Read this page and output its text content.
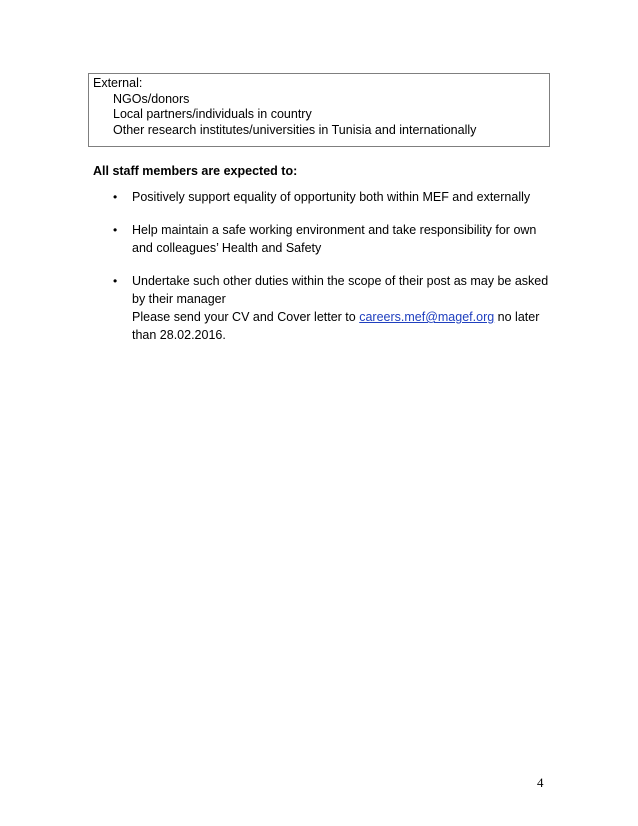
External:
NGOs/donors
Local partners/individuals in country
Other research institutes/universities in Tunisia and internationally
All staff members are expected to:
• Positively support equality of opportunity both within MEF and externally
• Help maintain a safe working environment and take responsibility for own and colleagues’ Health and Safety
• Undertake such other duties within the scope of their post as may be asked by their manager
Please send your CV and Cover letter to careers.mef@magef.org no later than 28.02.2016.
4
